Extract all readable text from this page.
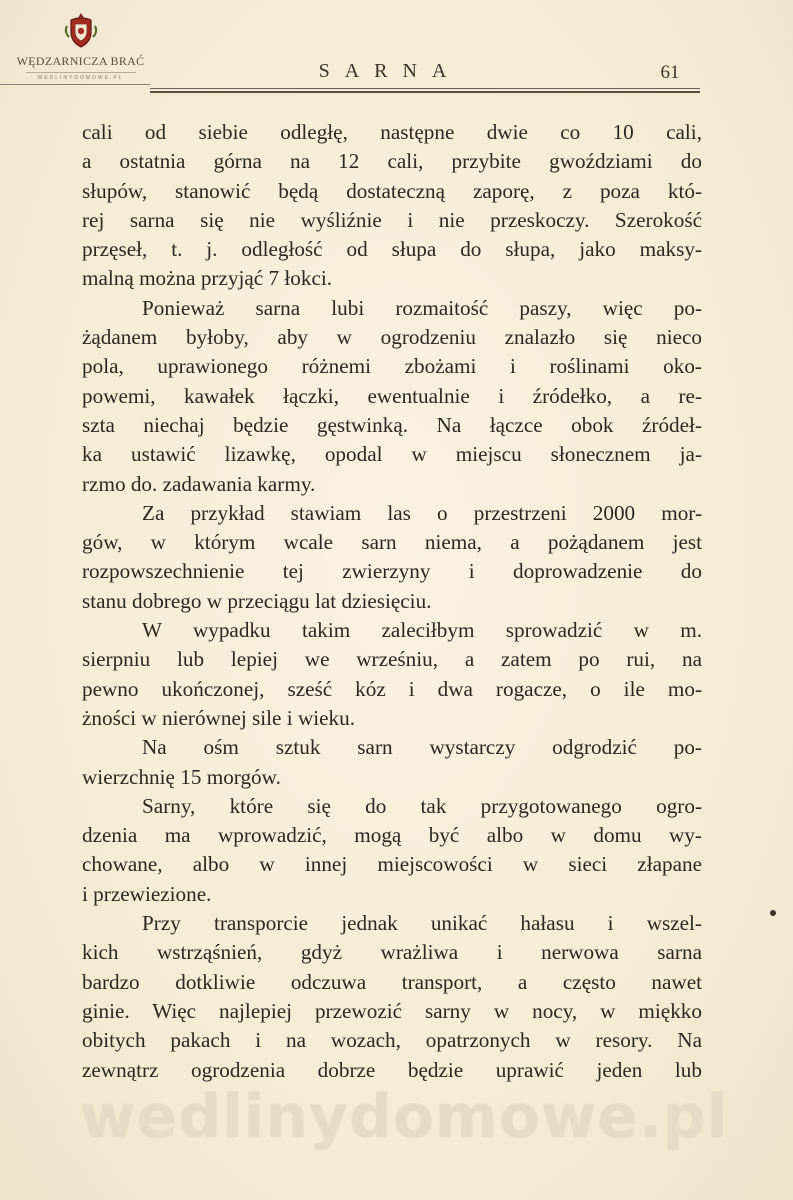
WĘDZARNICZA BRAĆ
WEDLINYDOMOWE.PL	SARNA	61
cali od siebie odległę, następne dwie co 10 cali,
a ostatnia górna na 12 cali, przybite gwoździami do
słupów, stanowić będą dostateczną zaporę, z poza któ-
rej sarna się nie wyśliźnie i nie przeskoczy. Szerokość
przęseł, t. j. odległość od słupa do słupa, jako maksy-
malną można przyjąć 7 łokci.
Ponieważ sarna lubi rozmaitość paszy, więc po-
żądanem byłoby, aby w ogrodzeniu znalazło się nieco
pola, uprawionego różnemi zbożami i roślinami oko-
powemi, kawałek łączki, ewentualnie i źródełko, a re-
szta niechaj będzie gęstwinką. Na łączce obok źródeł-
ka ustawić lizawkę, opodal w miejscu słonecznem ja-
rzmo do. zadawania karmy.
Za przykład stawiam las o przestrzeni 2000 mor-
gów, w którym wcale sarn niema, a pożądanem jest
rozpowszechnienie tej zwierzyny i doprowadzenie do
stanu dobrego w przeciągu lat dziesięciu.
W wypadku takim zaleciłbym sprowadzić w m.
sierpniu lub lepiej we wrześniu, a zatem po rui, na
pewno ukończonej, sześć kóz i dwa rogacze, o ile mo-
żności w nierównej sile i wieku.
Na ośm sztuk sarn wystarczy odgrodzić po-
wierzchnię 15 morgów.
Sarny, które się do tak przygotowanego ogro-
dzenia ma wprowadzić, mogą być albo w domu wy-
chowane, albo w innej miejscowości w sieci złapane
i przewiezione.
Przy transporcie jednak unikać hałasu i wszel-
kich wstrząśnień, gdyż wrażliwa i nerwowa sarna
bardzo dotkliwie odczuwa transport, a często nawet
ginie. Więc najlepiej przewozić sarny w nocy, w miękko
obitych pakach i na wozach, opatrzonych w resory. Na
zewnątrz ogrodzenia dobrze będzie uprawić jeden lub
wedlinydomowe.pl
